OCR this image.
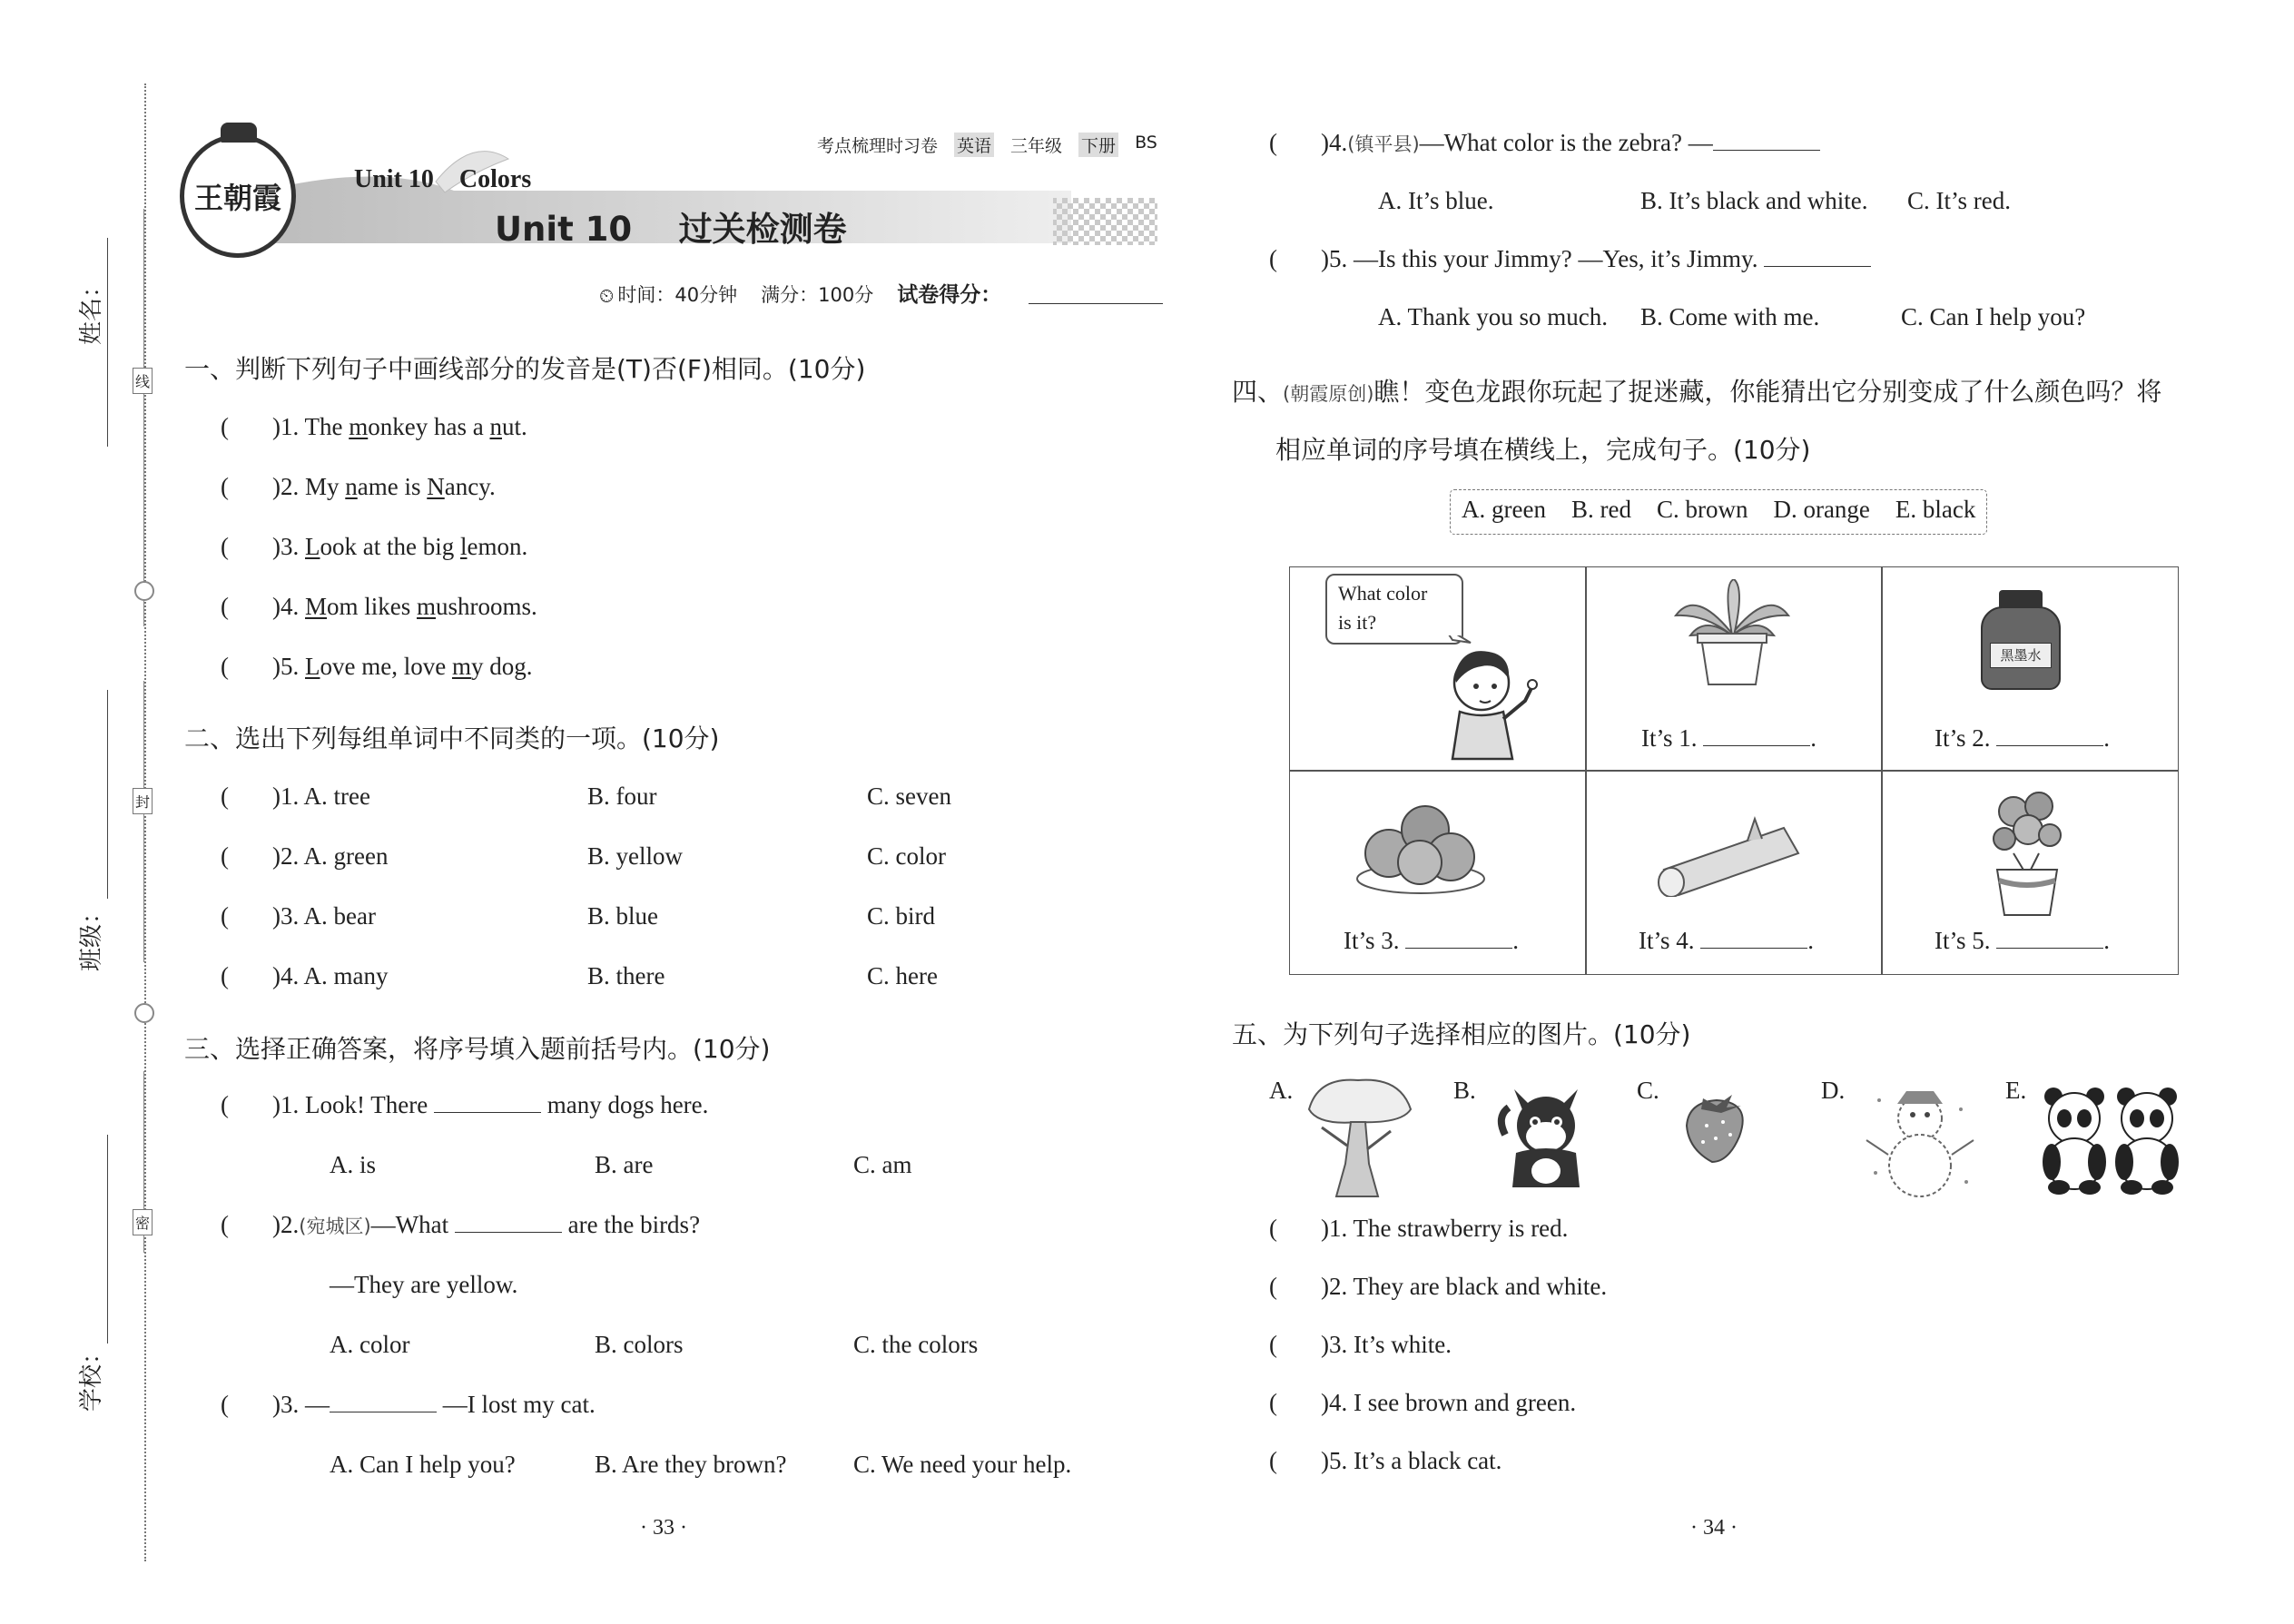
线
封
密
姓名：
班级：
学校：
王朝霞
考点梳理时习卷 英语 三年级 下册 BS
Unit 10    Colors
Unit 10    过关检测卷
⏲ 时间：40分钟 满分：100分 试卷得分：
一、判断下列句子中画线部分的发音是(T)否(F)相同。(10分)
( )1. The monkey has a nut.
( )2. My name is Nancy.
( )3. Look at the big lemon.
( )4. Mom likes mushrooms.
( )5. Love me, love my dog.
二、选出下列每组单词中不同类的一项。(10分)
( )1. A. tree	B. four	C. seven
( )2. A. green	B. yellow	C. color
( )3. A. bear	B. blue	C. bird
( )4. A. many	B. there	C. here
三、选择正确答案，将序号填入题前括号内。(10分)
( )1. Look! There	many dogs here.
A. is	B. are	C. am
( )2.(宛城区)—What	are the birds?
—They are yellow.
A. color	B. colors	C. the colors
( )3. —	—I lost my cat.
A. Can I help you?	B. Are they brown?	C. We need your help.
· 33 ·
( )4.(镇平县)—What color is the zebra? —
A. It’s blue.	B. It’s black and white. C. It’s red.
( )5. —Is this your Jimmy? —Yes, it’s Jimmy.
A. Thank you so much. B. Come with me.	C. Can I help you?
四、(朝霞原创)瞧！变色龙跟你玩起了捉迷藏，你能猜出它分别变成了什么颜色吗？将
相应单词的序号填在横线上，完成句子。(10分)
A. green B. red C. brown D. orange E. black
What color
is it?
黑墨水
It’s 1.	.	It’s 2.	.
It’s 3.	.	It’s 4.	.	It’s 5.	.
五、为下列句子选择相应的图片。(10分)
A.	B.	C.	D.	E.
( )1. The strawberry is red.
( )2. They are black and white.
( )3. It’s white.
( )4. I see brown and green.
( )5. It’s a black cat.
· 34 ·
